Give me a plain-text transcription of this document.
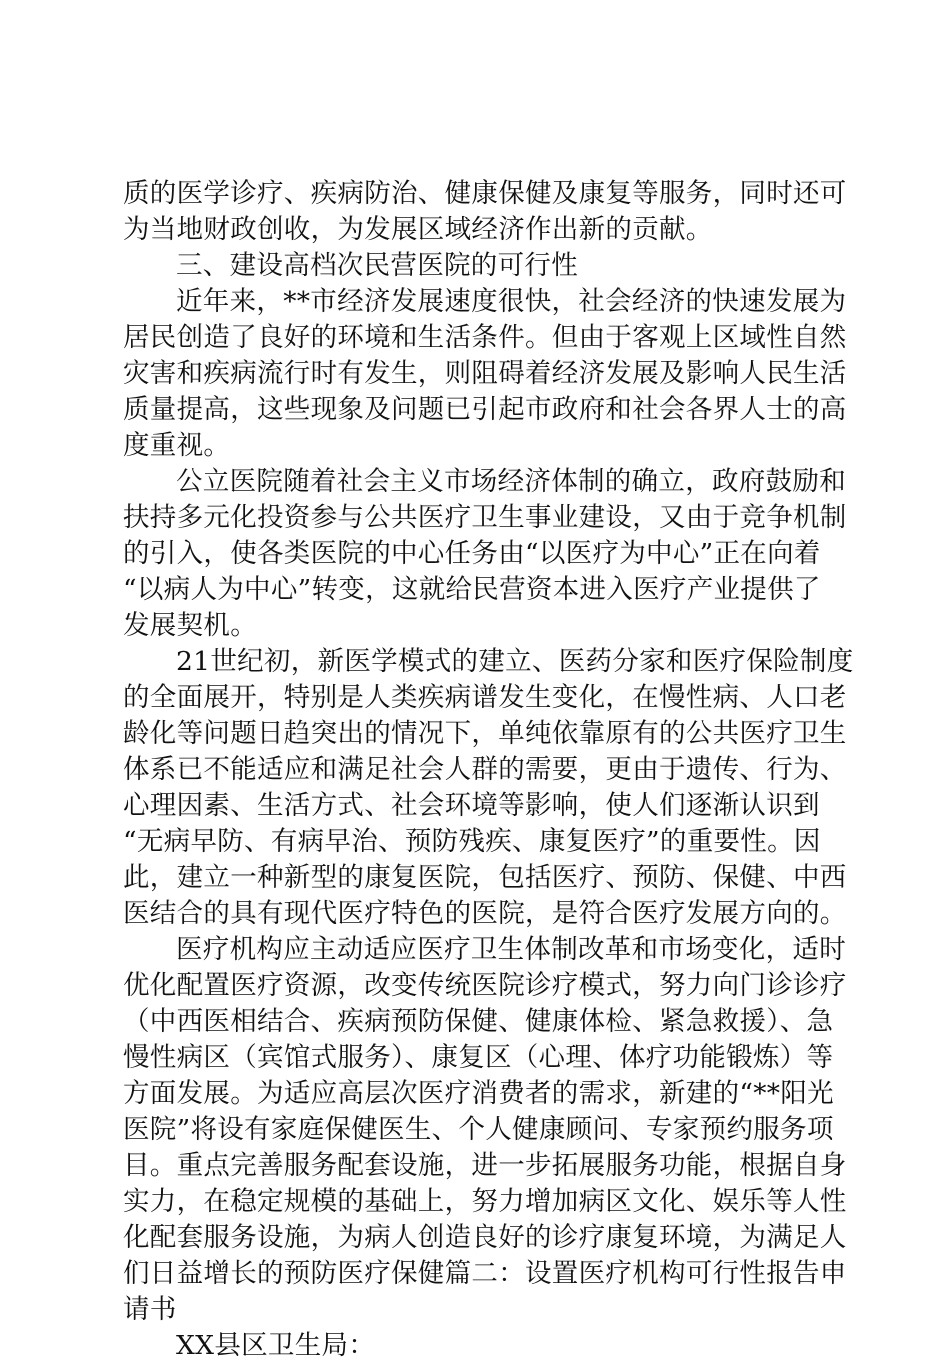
质的医学诊疗、疾病防治、健康保健及康复等服务，同时还可
为当地财政创收，为发展区域经济作出新的贡献。
三、建设高档次民营医院的可行性
近年来，**市经济发展速度很快，社会经济的快速发展为
居民创造了良好的环境和生活条件。但由于客观上区域性自然
灾害和疾病流行时有发生，则阻碍着经济发展及影响人民生活
质量提高，这些现象及问题已引起市政府和社会各界人士的高
度重视。
公立医院随着社会主义市场经济体制的确立，政府鼓励和
扶持多元化投资参与公共医疗卫生事业建设，又由于竞争机制
的引入，使各类医院的中心任务由“以医疗为中心”正在向着
“以病人为中心”转变，这就给民营资本进入医疗产业提供了
发展契机。
21世纪初，新医学模式的建立、医药分家和医疗保险制度
的全面展开，特别是人类疾病谱发生变化，在慢性病、人口老
龄化等问题日趋突出的情况下，单纯依靠原有的公共医疗卫生
体系已不能适应和满足社会人群的需要，更由于遗传、行为、
心理因素、生活方式、社会环境等影响，使人们逐渐认识到
“无病早防、有病早治、预防残疾、康复医疗”的重要性。因
此，建立一种新型的康复医院，包括医疗、预防、保健、中西
医结合的具有现代医疗特色的医院，是符合医疗发展方向的。
医疗机构应主动适应医疗卫生体制改革和市场变化，适时
优化配置医疗资源，改变传统医院诊疗模式，努力向门诊诊疗
（中西医相结合、疾病预防保健、健康体检、紧急救援）、急
慢性病区（宾馆式服务）、康复区（心理、体疗功能锻炼）等
方面发展。为适应高层次医疗消费者的需求，新建的“**阳光
医院”将设有家庭保健医生、个人健康顾问、专家预约服务项
目。重点完善服务配套设施，进一步拓展服务功能，根据自身
实力，在稳定规模的基础上，努力增加病区文化、娱乐等人性
化配套服务设施，为病人创造良好的诊疗康复环境，为满足人
们日益增长的预防医疗保健篇二：设置医疗机构可行性报告申
请书
XX县区卫生局：
